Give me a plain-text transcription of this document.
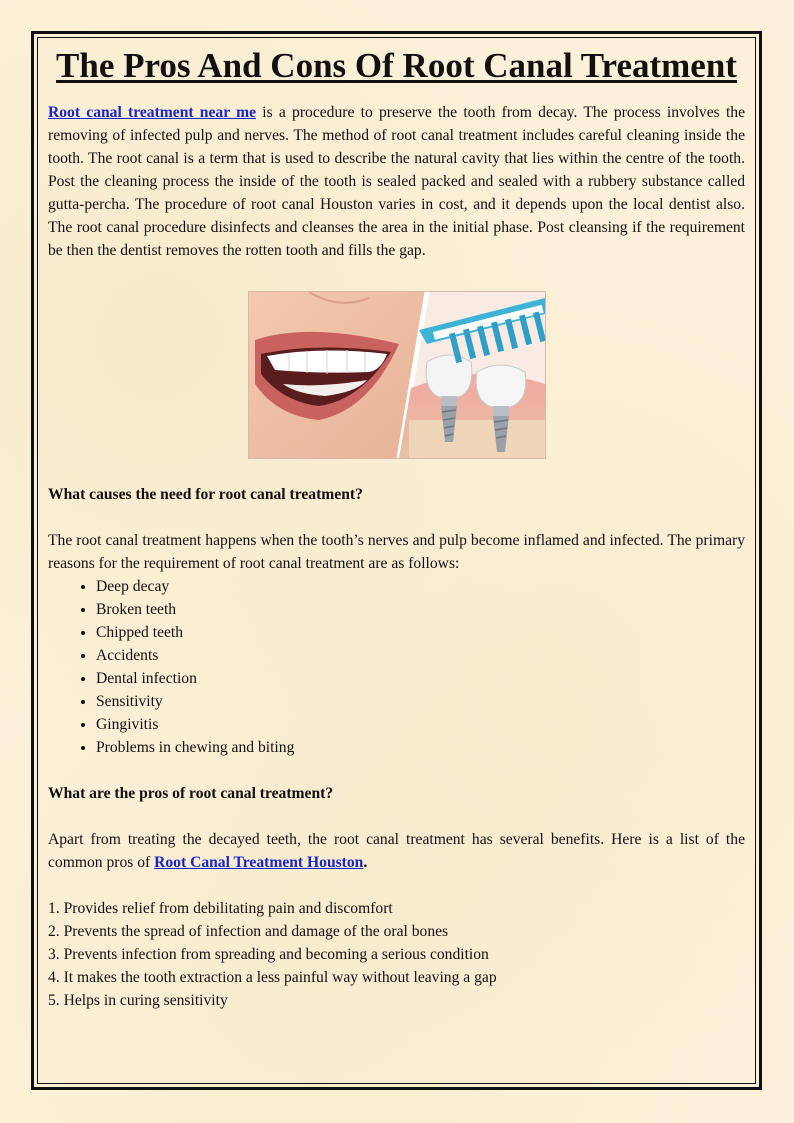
The Pros And Cons Of Root Canal Treatment

Root canal treatment near me is a procedure to preserve the tooth from decay. The process involves the removing of infected pulp and nerves. The method of root canal treatment includes careful cleaning inside the tooth. The root canal is a term that is used to describe the natural cavity that lies within the centre of the tooth. Post the cleaning process the inside of the tooth is sealed packed and sealed with a rubbery substance called gutta-percha. The procedure of root canal Houston varies in cost, and it depends upon the local dentist also. The root canal procedure disinfects and cleanses the area in the initial phase. Post cleansing if the requirement be then the dentist removes the rotten tooth and fills the gap.

What causes the need for root canal treatment?

The root canal treatment happens when the tooth’s nerves and pulp become inflamed and infected. The primary reasons for the requirement of root canal treatment are as follows:

• Deep decay
• Broken teeth
• Chipped teeth
• Accidents
• Dental infection
• Sensitivity
• Gingivitis
• Problems in chewing and biting
What are the pros of root canal treatment?

Apart from treating the decayed teeth, the root canal treatment has several benefits. Here is a list of the common pros of Root Canal Treatment Houston.

1. Provides relief from debilitating pain and discomfort

2. Prevents the spread of infection and damage of the oral bones

3. Prevents infection from spreading and becoming a serious condition

4. It makes the tooth extraction a less painful way without leaving a gap

5. Helps in curing sensitivity
